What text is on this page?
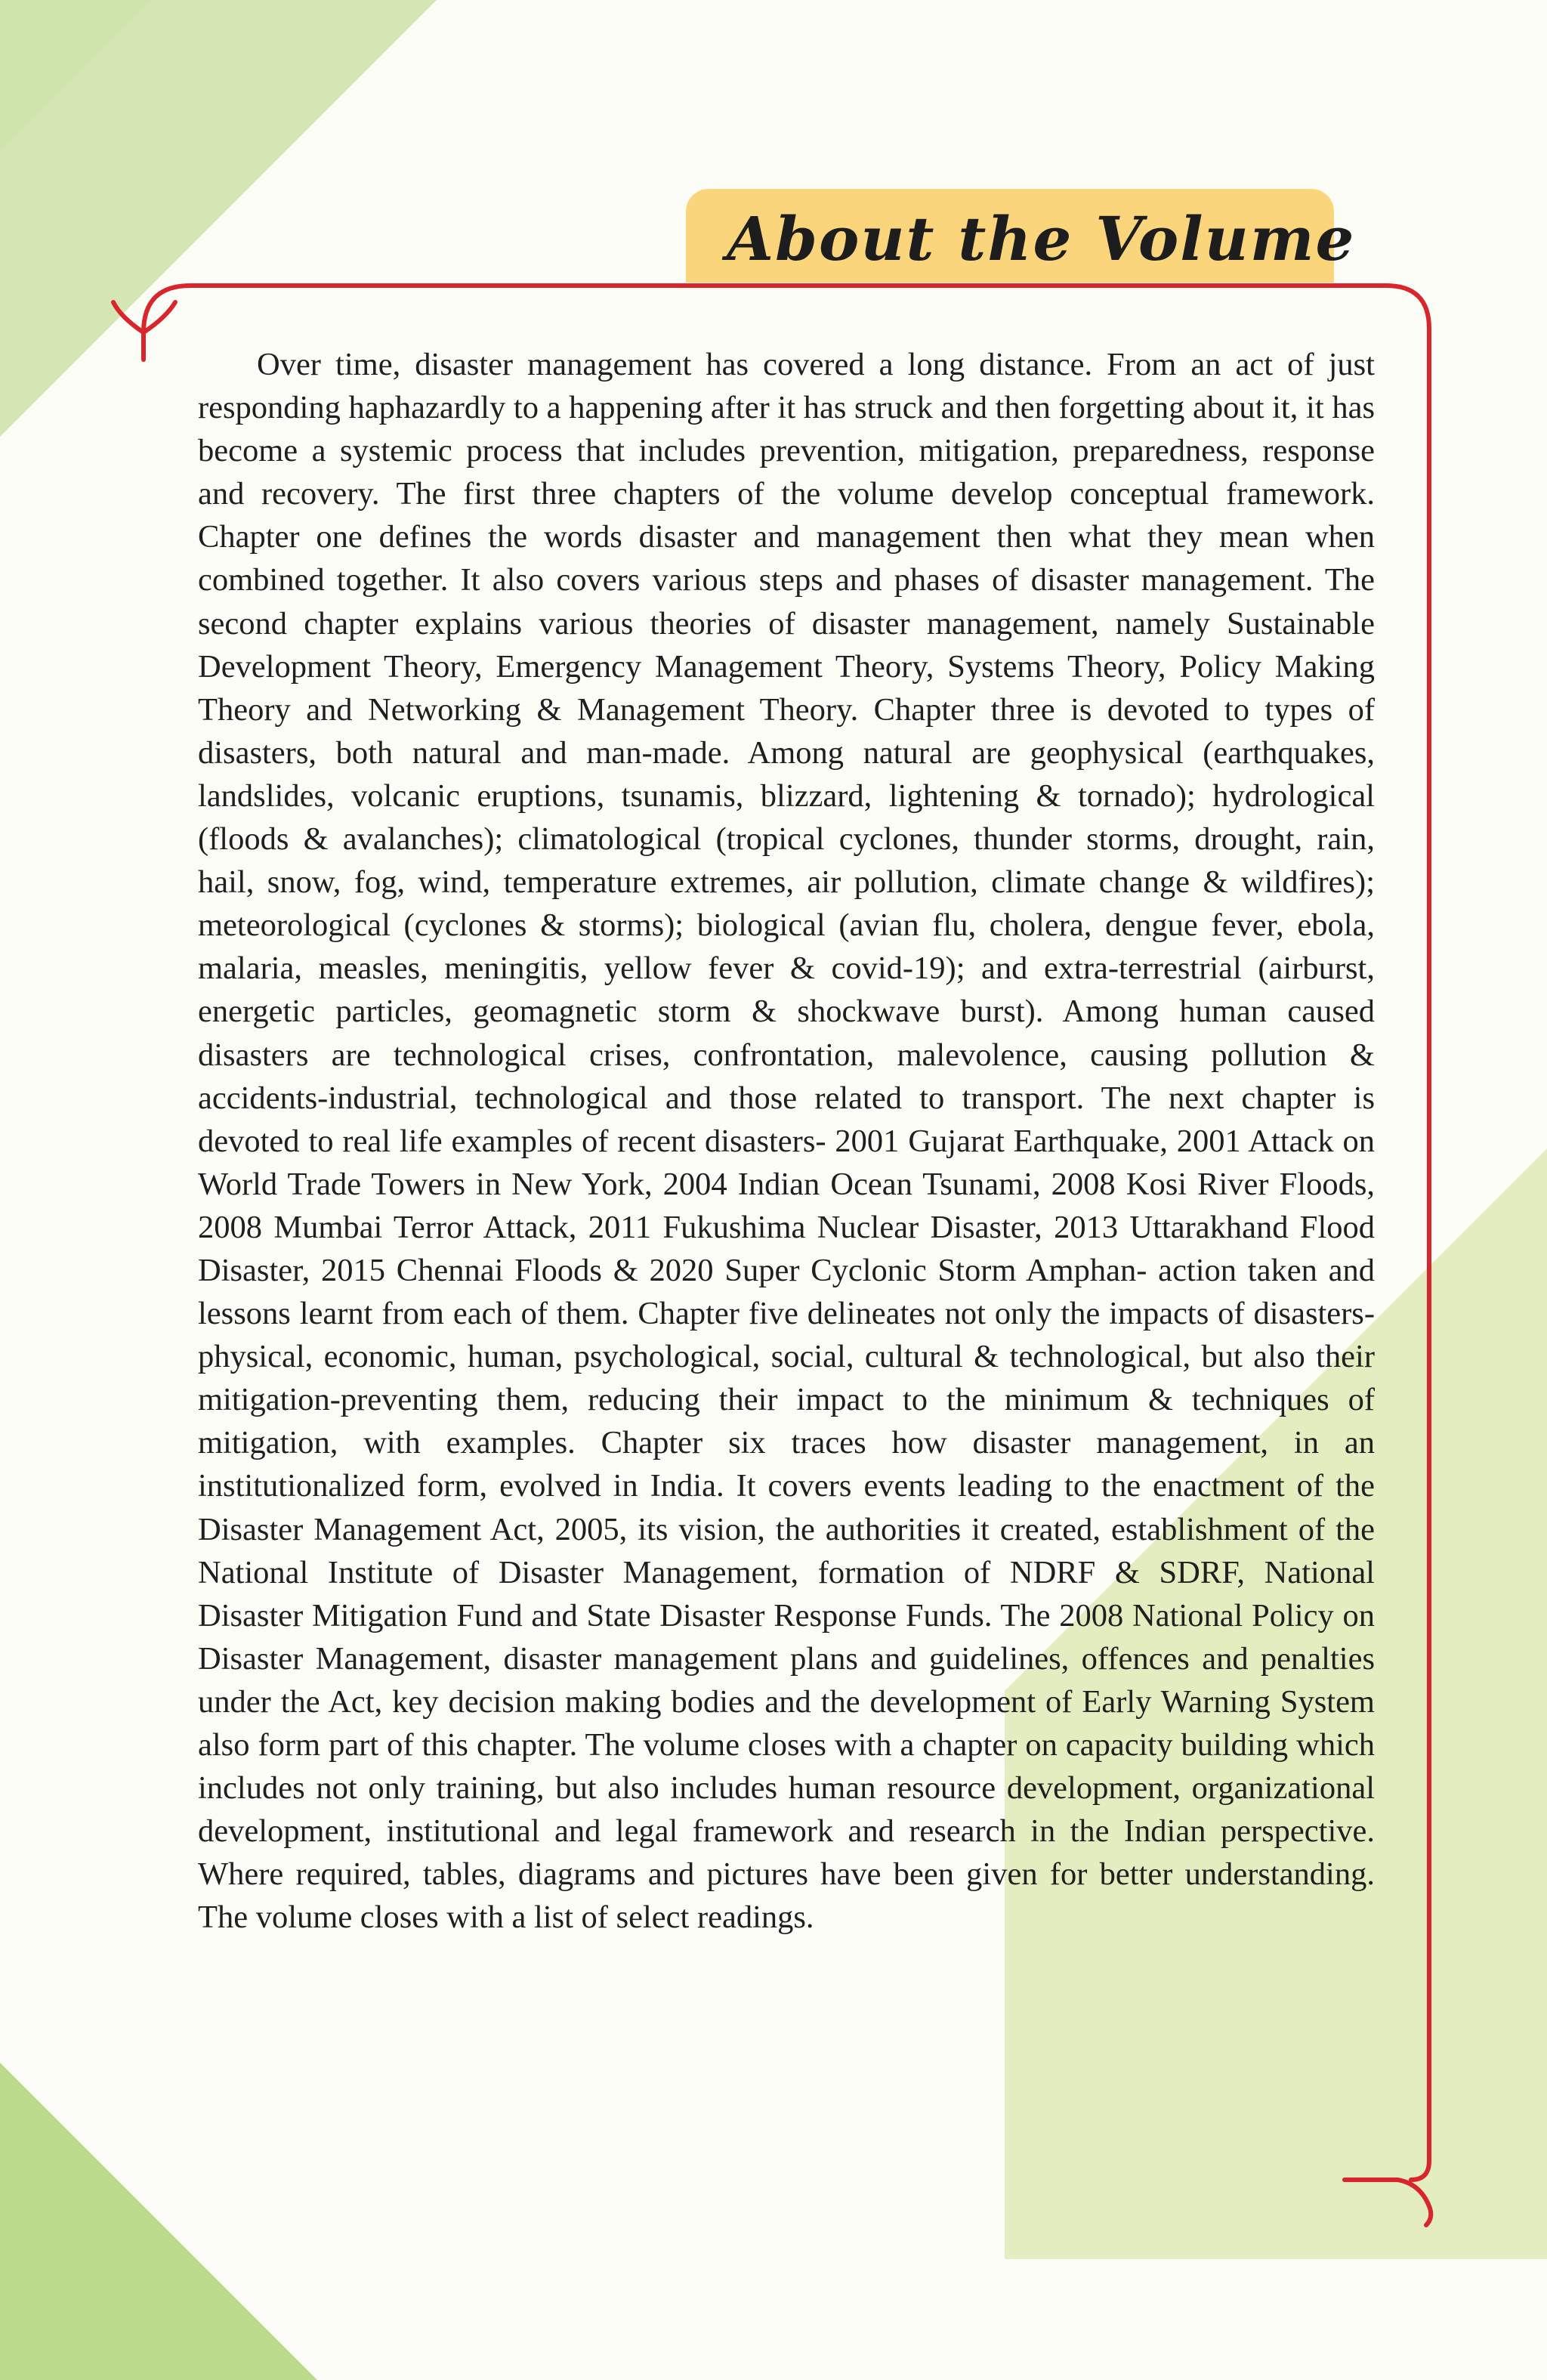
About the Volume

Over time, disaster management has covered a long distance. From an act of just responding haphazardly to a happening after it has struck and then forgetting about it, it has become a systemic process that includes prevention, mitigation, preparedness, response and recovery. The first three chapters of the volume develop conceptual framework. Chapter one defines the words disaster and management then what they mean when combined together. It also covers various steps and phases of disaster management. The second chapter explains various theories of disaster management, namely Sustainable Development Theory, Emergency Management Theory, Systems Theory, Policy Making Theory and Networking & Management Theory. Chapter three is devoted to types of disasters, both natural and man-made. Among natural are geophysical (earthquakes, landslides, volcanic eruptions, tsunamis, blizzard, lightening & tornado); hydrological (floods & avalanches); climatological (tropical cyclones, thunder storms, drought, rain, hail, snow, fog, wind, temperature extremes, air pollution, climate change & wildfires); meteorological (cyclones & storms); biological (avian flu, cholera, dengue fever, ebola, malaria, measles, meningitis, yellow fever & covid-19); and extra-terrestrial (airburst, energetic particles, geomagnetic storm & shockwave burst). Among human caused disasters are technological crises, confrontation, malevolence, causing pollution & accidents-industrial, technological and those related to transport. The next chapter is devoted to real life examples of recent disasters- 2001 Gujarat Earthquake, 2001 Attack on World Trade Towers in New York, 2004 Indian Ocean Tsunami, 2008 Kosi River Floods, 2008 Mumbai Terror Attack, 2011 Fukushima Nuclear Disaster, 2013 Uttarakhand Flood Disaster, 2015 Chennai Floods & 2020 Super Cyclonic Storm Amphan- action taken and lessons learnt from each of them. Chapter five delineates not only the impacts of disasters- physical, economic, human, psychological, social, cultural & technological, but also their mitigation-preventing them, reducing their impact to the minimum & techniques of mitigation, with examples. Chapter six traces how disaster management, in an institutionalized form, evolved in India. It covers events leading to the enactment of the Disaster Management Act, 2005, its vision, the authorities it created, establishment of the National Institute of Disaster Management, formation of NDRF & SDRF, National Disaster Mitigation Fund and State Disaster Response Funds. The 2008 National Policy on Disaster Management, disaster management plans and guidelines, offences and penalties under the Act, key decision making bodies and the development of Early Warning System also form part of this chapter. The volume closes with a chapter on capacity building which includes not only training, but also includes human resource development, organizational development, institutional and legal framework and research in the Indian perspective. Where required, tables, diagrams and pictures have been given for better understanding. The volume closes with a list of select readings.
